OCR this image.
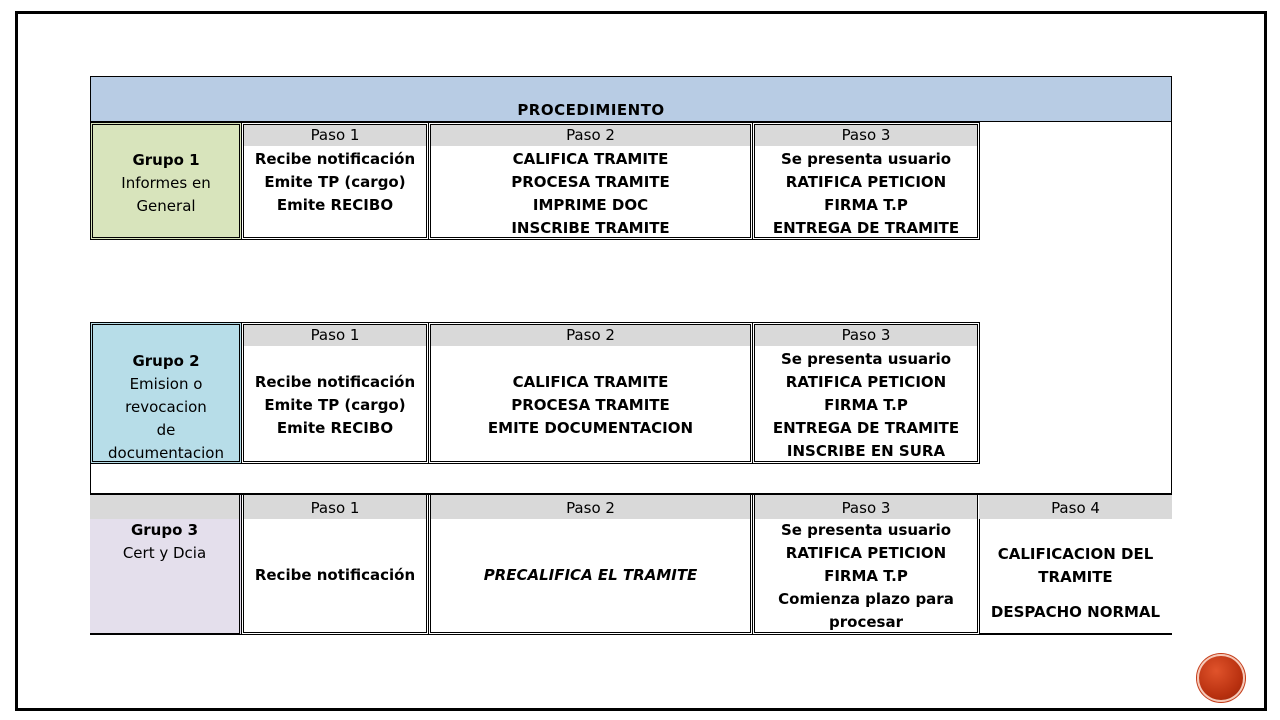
PROCEDIMIENTO
Grupo 1
Informes en
General
Paso 1
Recibe notificación
Emite TP (cargo)
Emite RECIBO
Paso 2
CALIFICA TRAMITE
PROCESA TRAMITE
IMPRIME DOC
INSCRIBE TRAMITE
Paso 3
Se presenta usuario
RATIFICA PETICION
FIRMA T.P
ENTREGA DE TRAMITE
Grupo 2
Emision o
revocacion
de
documentacion
Paso 1
Recibe notificación
Emite TP (cargo)
Emite RECIBO
Paso 2
CALIFICA TRAMITE
PROCESA TRAMITE
EMITE DOCUMENTACION
Paso 3
Se presenta usuario
RATIFICA PETICION
FIRMA T.P
ENTREGA DE TRAMITE
INSCRIBE EN SURA
Grupo 3
Cert y Dcia
Paso 1
Recibe notificación
Paso 2
PRECALIFICA EL TRAMITE
Paso 3
Se presenta usuario
RATIFICA PETICION
FIRMA T.P
Comienza plazo para
procesar
Paso 4
CALIFICACION DEL
TRAMITE
DESPACHO NORMAL
